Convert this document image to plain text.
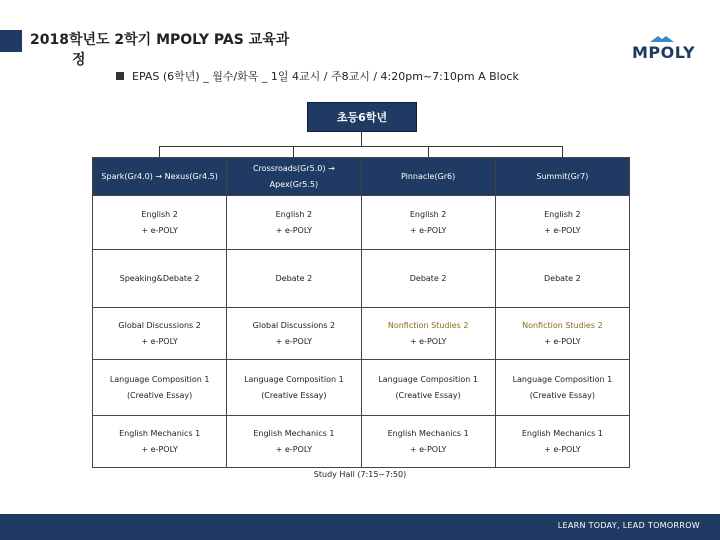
2018학년도 2학기 MPOLY PAS 교육과
정	MPOLY
EPAS (6학년) _ 월수/화목 _ 1일 4교시 / 주8교시 / 4:20pm~7:10pm A Block
초등6학년
Spark(Gr4.0) → Nexus(Gr4.5)	Crossroads(Gr5.0) → Apex(Gr5.5)	Pinnacle(Gr6)	Summit(Gr7)

English 2
+ e-POLY	English 2
+ e-POLY	English 2
+ e-POLY	English 2
+ e-POLY

Speaking&Debate 2	Debate 2	Debate 2	Debate 2

Global Discussions 2
+ e-POLY	Global Discussions 2
+ e-POLY	Nonfiction Studies 2
+ e-POLY	Nonfiction Studies 2
+ e-POLY

Language Composition 1
(Creative Essay)	Language Composition 1
(Creative Essay)	Language Composition 1
(Creative Essay)	Language Composition 1
(Creative Essay)

English Mechanics 1
+ e-POLY	English Mechanics 1
+ e-POLY	English Mechanics 1
+ e-POLY	English Mechanics 1
+ e-POLY
Study Hall (7:15~7:50)
LEARN TODAY, LEAD TOMORROW
